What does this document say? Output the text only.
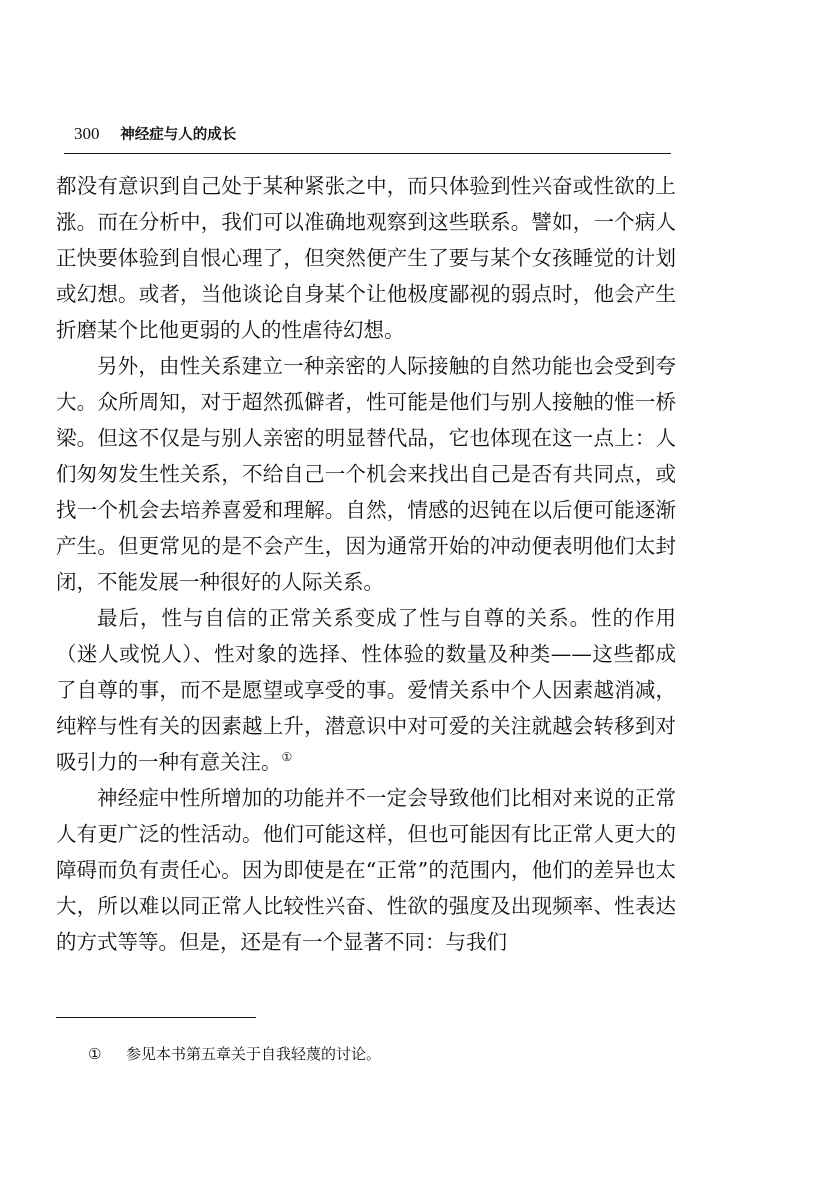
300 神经症与人的成长

都没有意识到自己处于某种紧张之中，而只体验到性兴奋或性欲的上涨。而在分析中，我们可以准确地观察到这些联系。譬如，一个病人正快要体验到自恨心理了，但突然便产生了要与某个女孩睡觉的计划或幻想。或者，当他谈论自身某个让他极度鄙视的弱点时，他会产生折磨某个比他更弱的人的性虐待幻想。

另外，由性关系建立一种亲密的人际接触的自然功能也会受到夸大。众所周知，对于超然孤僻者，性可能是他们与别人接触的惟一桥梁。但这不仅是与别人亲密的明显替代品，它也体现在这一点上：人们匆匆发生性关系，不给自己一个机会来找出自己是否有共同点，或找一个机会去培养喜爱和理解。自然，情感的迟钝在以后便可能逐渐产生。但更常见的是不会产生，因为通常开始的冲动便表明他们太封闭，不能发展一种很好的人际关系。

最后，性与自信的正常关系变成了性与自尊的关系。性的作用（迷人或悦人）、性对象的选择、性体验的数量及种类——这些都成了自尊的事，而不是愿望或享受的事。爱情关系中个人因素越消减，纯粹与性有关的因素越上升，潜意识中对可爱的关注就越会转移到对吸引力的一种有意关注。①

神经症中性所增加的功能并不一定会导致他们比相对来说的正常人有更广泛的性活动。他们可能这样，但也可能因有比正常人更大的障碍而负有责任心。因为即使是在“正常”的范围内，他们的差异也太大，所以难以同正常人比较性兴奋、性欲的强度及出现频率、性表达的方式等等。但是，还是有一个显著不同：与我们

① 参见本书第五章关于自我轻蔑的讨论。
